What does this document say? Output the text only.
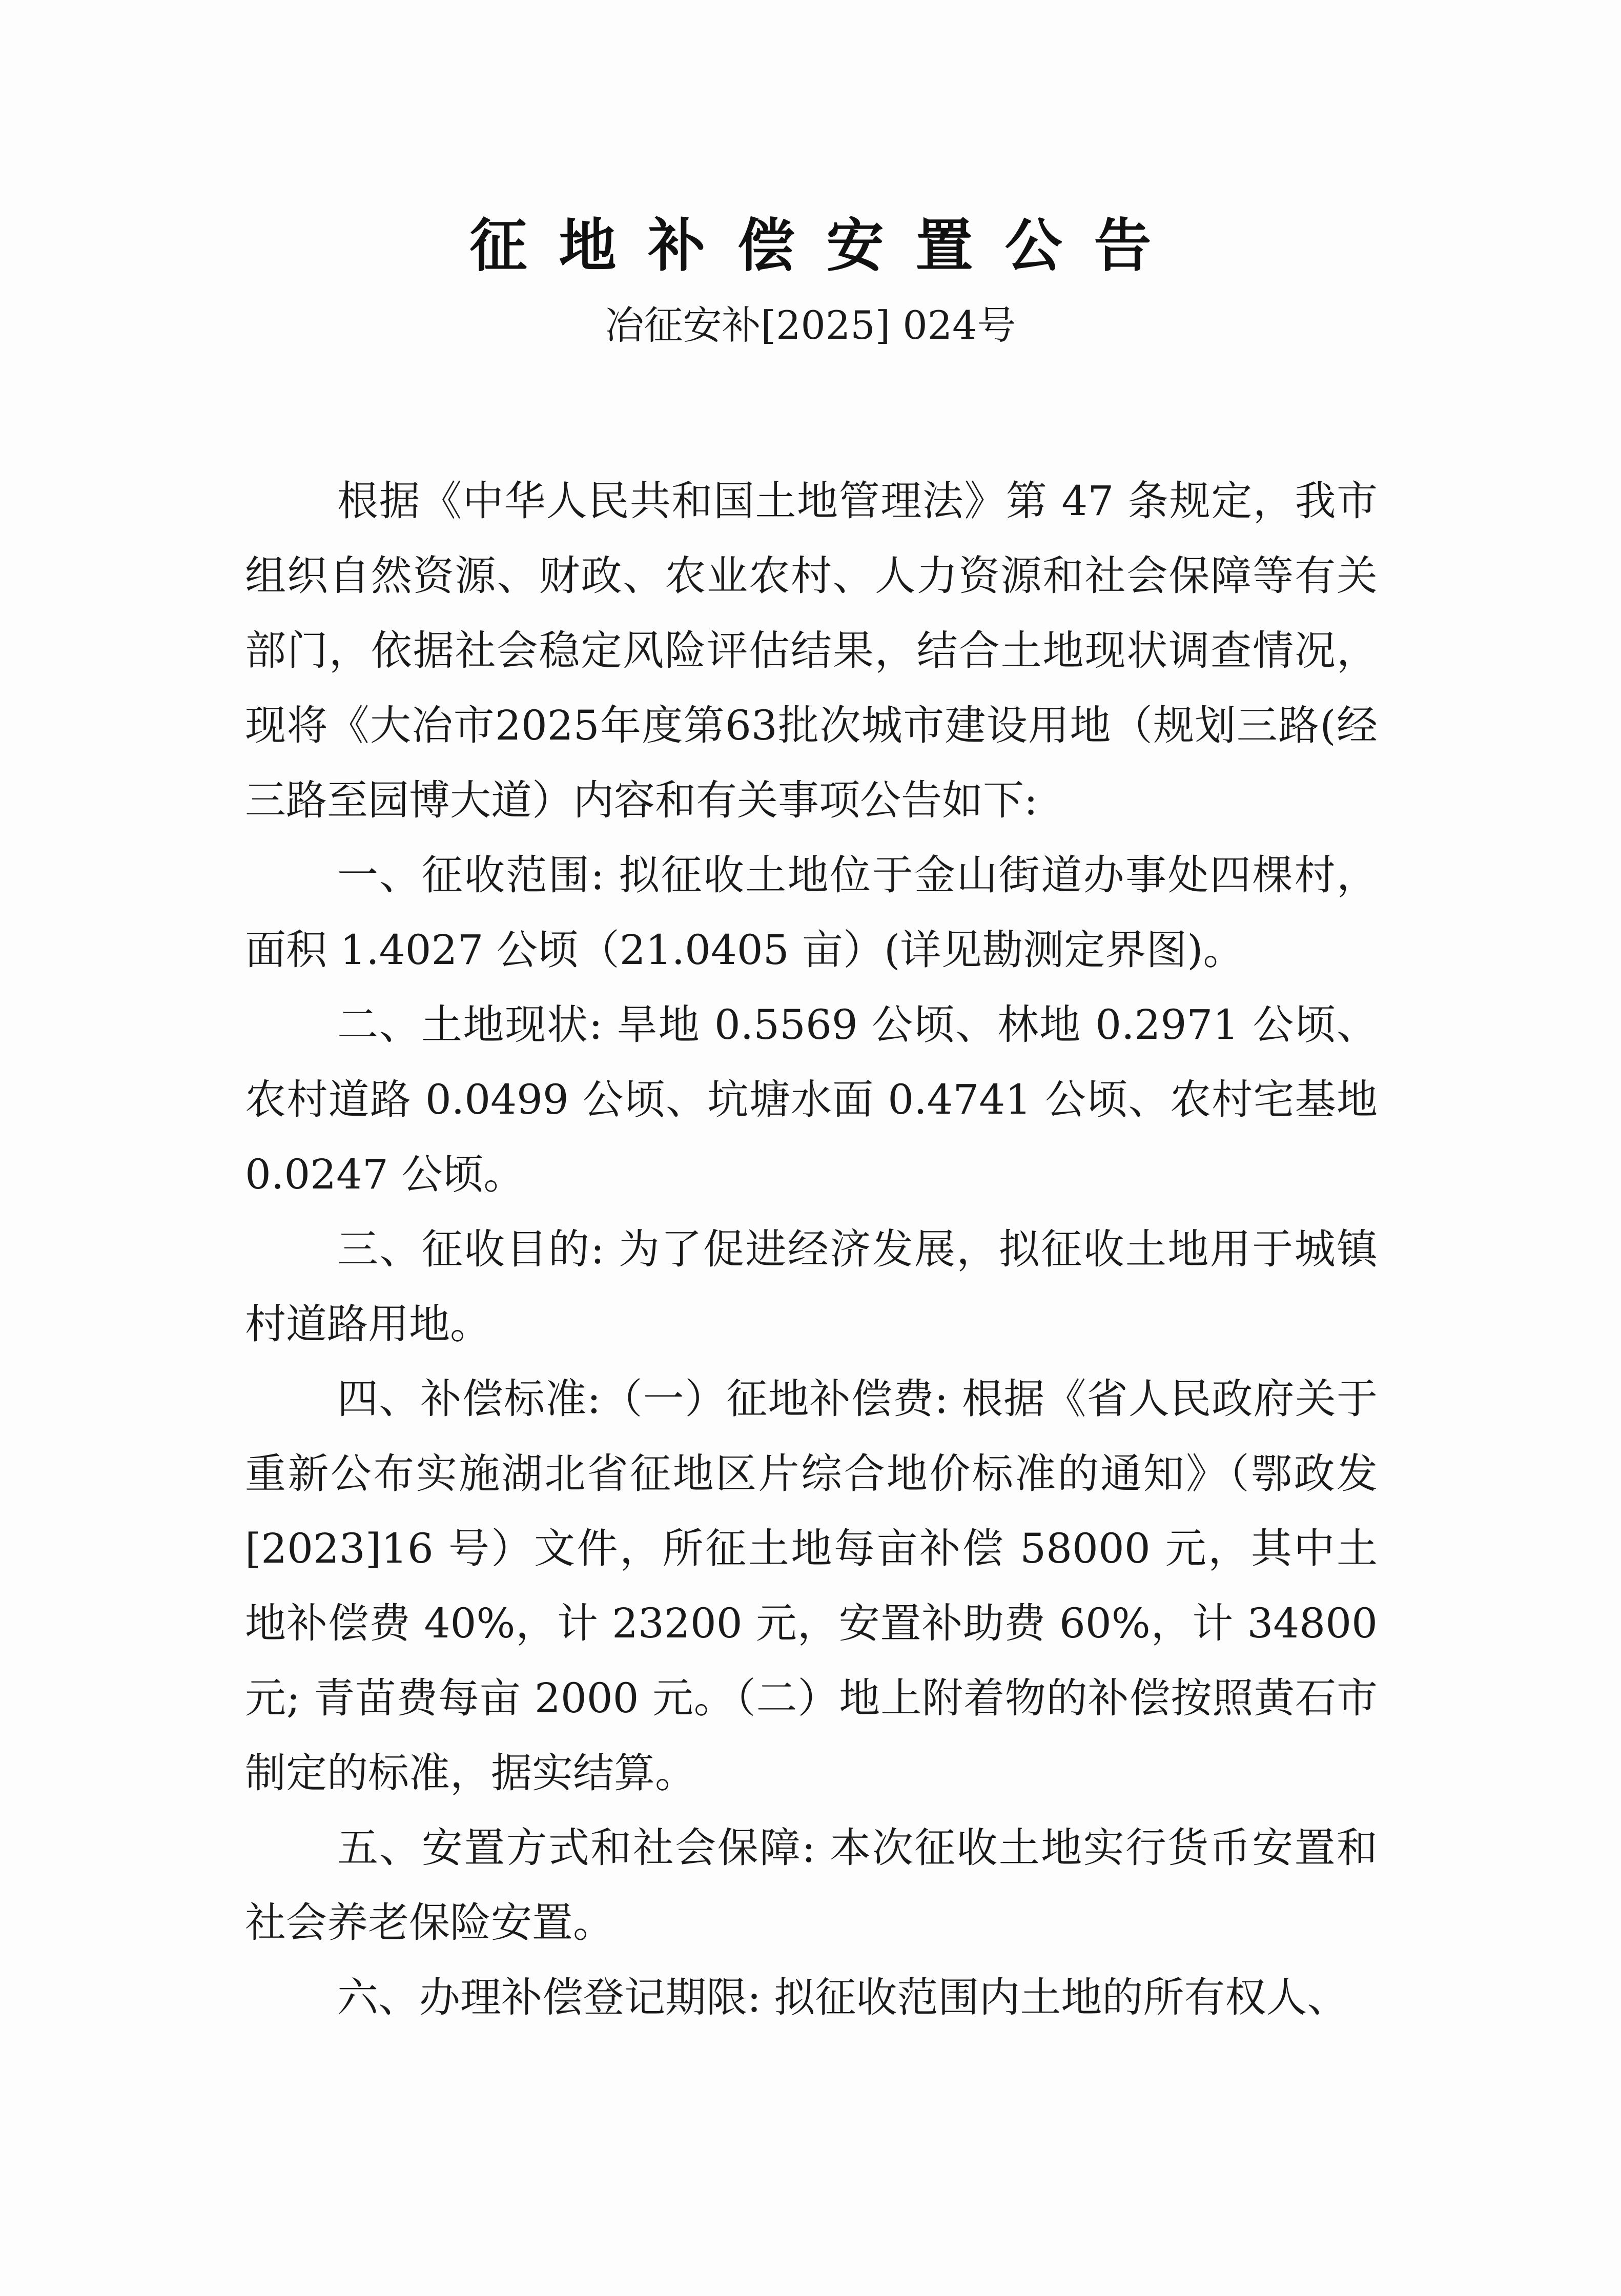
征地补偿安置公告
冶征安补[2025] 024号

根据《中华人民共和国土地管理法》第 47 条规定，我市组织自然资源、财政、农业农村、人力资源和社会保障等有关部门，依据社会稳定风险评估结果，结合土地现状调查情况，现将《大冶市2025年度第63批次城市建设用地（规划三路(经三路至园博大道）内容和有关事项公告如下:

一、征收范围: 拟征收土地位于金山街道办事处四棵村，面积 1.4027 公顷（21.0405 亩）(详见勘测定界图)。

二、土地现状: 旱地 0.5569 公顷、林地 0.2971 公顷、农村道路 0.0499 公顷、坑塘水面 0.4741 公顷、农村宅基地 0.0247 公顷。

三、征收目的: 为了促进经济发展，拟征收土地用于城镇村道路用地。

四、补偿标准:（一）征地补偿费: 根据《省人民政府关于重新公布实施湖北省征地区片综合地价标准的通知》（鄂政发[2023]16 号）文件，所征土地每亩补偿 58000 元，其中土地补偿费 40%，计 23200 元，安置补助费 60%，计 34800 元; 青苗费每亩 2000 元。（二）地上附着物的补偿按照黄石市制定的标准，据实结算。

五、安置方式和社会保障: 本次征收土地实行货币安置和社会养老保险安置。

六、办理补偿登记期限: 拟征收范围内土地的所有权人、
